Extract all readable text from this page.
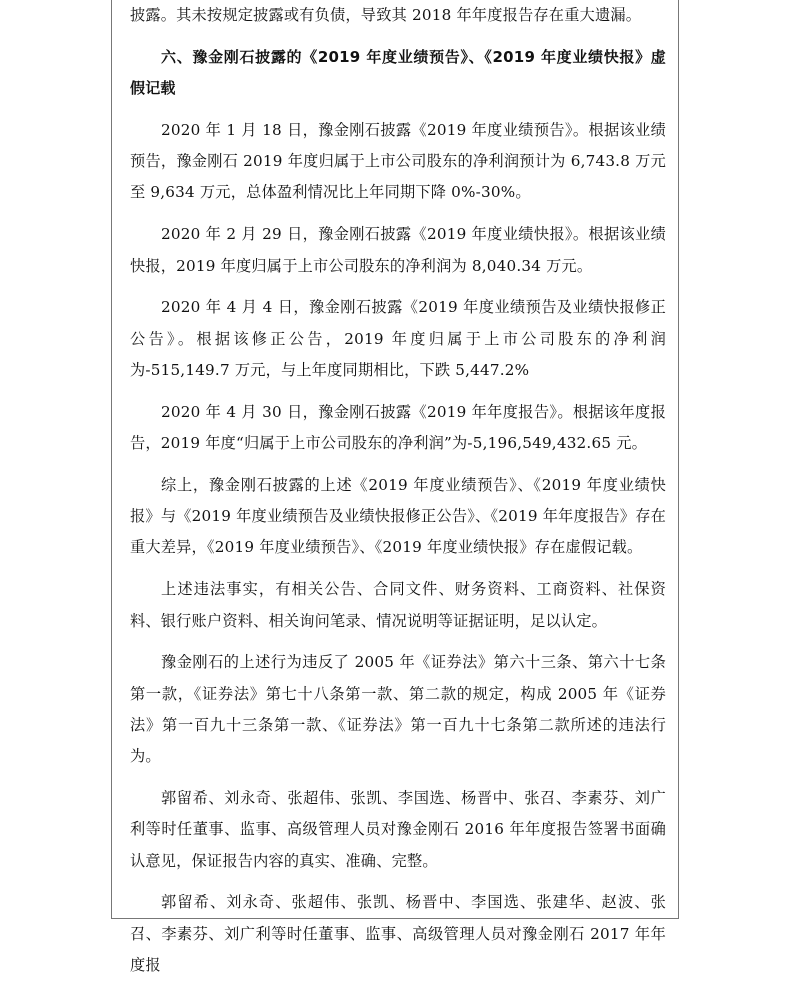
披露。其未按规定披露或有负债，导致其 2018 年年度报告存在重大遗漏。

六、豫金刚石披露的《2019 年度业绩预告》、《2019 年度业绩快报》虚假记载

2020 年 1 月 18 日，豫金刚石披露《2019 年度业绩预告》。根据该业绩预告，豫金刚石 2019 年度归属于上市公司股东的净利润预计为 6,743.8 万元至 9,634 万元，总体盈利情况比上年同期下降 0%-30%。

2020 年 2 月 29 日，豫金刚石披露《2019 年度业绩快报》。根据该业绩快报，2019 年度归属于上市公司股东的净利润为 8,040.34 万元。

2020 年 4 月 4 日，豫金刚石披露《2019 年度业绩预告及业绩快报修正公告》。根据该修正公告，2019 年度归属于上市公司股东的净利润为-515,149.7 万元，与上年度同期相比，下跌 5,447.2%

2020 年 4 月 30 日，豫金刚石披露《2019 年年度报告》。根据该年度报告，2019 年度“归属于上市公司股东的净利润”为-5,196,549,432.65 元。

综上，豫金刚石披露的上述《2019 年度业绩预告》、《2019 年度业绩快报》与《2019 年度业绩预告及业绩快报修正公告》、《2019 年年度报告》存在重大差异，《2019 年度业绩预告》、《2019 年度业绩快报》存在虚假记载。

上述违法事实，有相关公告、合同文件、财务资料、工商资料、社保资料、银行账户资料、相关询问笔录、情况说明等证据证明，足以认定。

豫金刚石的上述行为违反了 2005 年《证券法》第六十三条、第六十七条第一款，《证券法》第七十八条第一款、第二款的规定，构成 2005 年《证券法》第一百九十三条第一款、《证券法》第一百九十七条第二款所述的违法行为。

郭留希、刘永奇、张超伟、张凯、李国选、杨晋中、张召、李素芬、刘广利等时任董事、监事、高级管理人员对豫金刚石 2016 年年度报告签署书面确认意见，保证报告内容的真实、准确、完整。

郭留希、刘永奇、张超伟、张凯、杨晋中、李国选、张建华、赵波、张召、李素芬、刘广利等时任董事、监事、高级管理人员对豫金刚石 2017 年年度报
